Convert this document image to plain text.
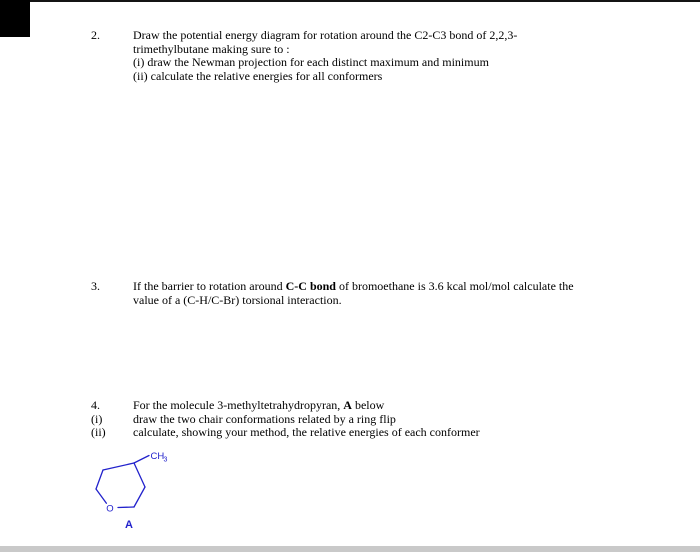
2.	Draw the potential energy diagram for rotation around the C2-C3 bond of 2,2,3-
trimethylbutane making sure to :
(i) draw the Newman projection for each distinct maximum and minimum
(ii) calculate the relative energies for all conformers
3.	If the barrier to rotation around C-C bond of bromoethane is 3.6 kcal mol/mol calculate the
value of a (C-H/C-Br) torsional interaction.
4.	For the molecule 3-methyltetrahydropyran, A below
(i)	draw the two chair conformations related by a ring flip
(ii)	calculate, showing your method, the relative energies of each conformer
O
CH 3
A
